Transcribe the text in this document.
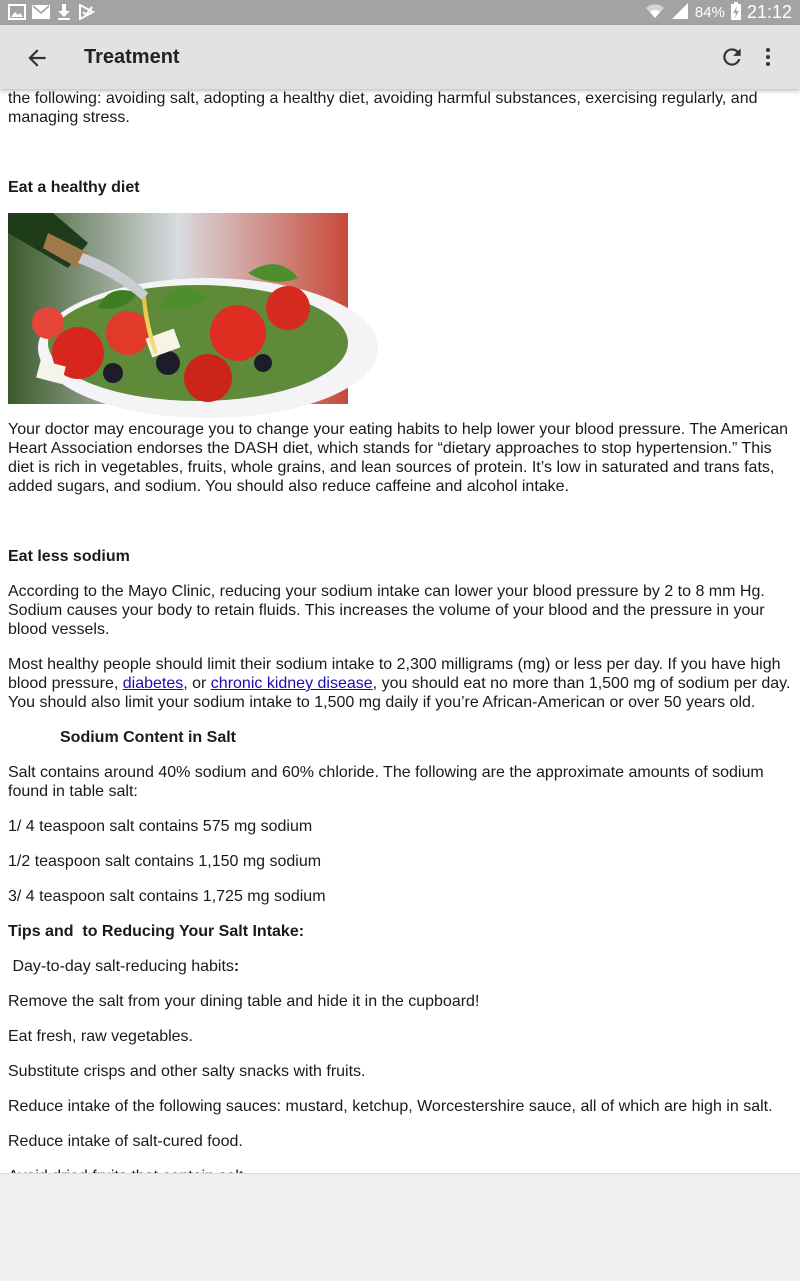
84% 21:12
Treatment

the following: avoiding salt, adopting a healthy diet, avoiding harmful substances, exercising regularly, and managing stress.

Eat a healthy diet

Your doctor may encourage you to change your eating habits to help lower your blood pressure. The American Heart Association endorses the DASH diet, which stands for “dietary approaches to stop hypertension.” This diet is rich in vegetables, fruits, whole grains, and lean sources of protein. It’s low in saturated and trans fats, added sugars, and sodium. You should also reduce caffeine and alcohol intake.

Eat less sodium

According to the Mayo Clinic, reducing your sodium intake can lower your blood pressure by 2 to 8 mm Hg. Sodium causes your body to retain fluids. This increases the volume of your blood and the pressure in your blood vessels.

Most healthy people should limit their sodium intake to 2,300 milligrams (mg) or less per day. If you have high blood pressure, diabetes, or chronic kidney disease, you should eat no more than 1,500 mg of sodium per day. You should also limit your sodium intake to 1,500 mg daily if you’re African-American or over 50 years old.

Sodium Content in Salt

Salt contains around 40% sodium and 60% chloride. The following are the approximate amounts of sodium found in table salt:

1/ 4 teaspoon salt contains 575 mg sodium

1/2 teaspoon salt contains 1,150 mg sodium

3/ 4 teaspoon salt contains 1,725 mg sodium

Tips and  to Reducing Your Salt Intake:

Day-to-day salt-reducing habits:

Remove the salt from your dining table and hide it in the cupboard!

Eat fresh, raw vegetables.

Substitute crisps and other salty snacks with fruits.

Reduce intake of the following sauces: mustard, ketchup, Worcestershire sauce, all of which are high in salt.

Reduce intake of salt-cured food.
